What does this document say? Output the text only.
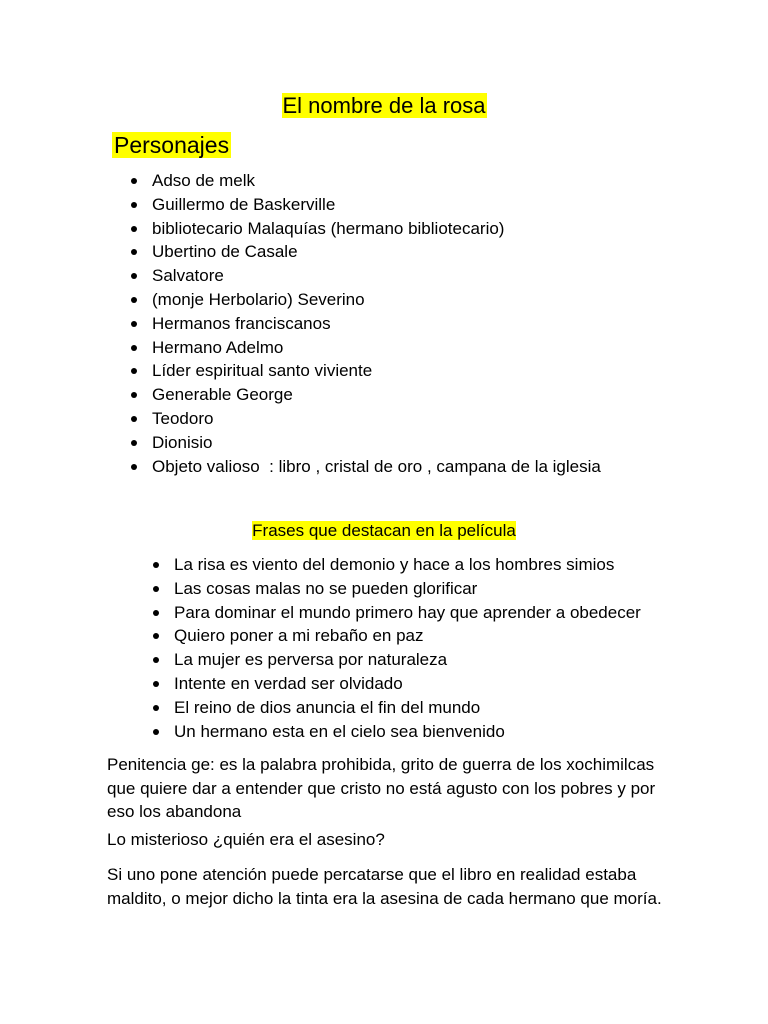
El nombre de la rosa
Personajes
Adso de melk
Guillermo de Baskerville
bibliotecario Malaquías (hermano bibliotecario)
Ubertino de Casale
Salvatore
(monje Herbolario) Severino
Hermanos franciscanos
Hermano Adelmo
Líder espiritual santo viviente
Generable George
Teodoro
Dionisio
Objeto valioso  : libro , cristal de oro , campana de la iglesia
Frases que destacan en la película
La risa es viento del demonio y hace a los hombres simios
Las cosas malas no se pueden glorificar
Para dominar el mundo primero hay que aprender a obedecer
Quiero poner a mi rebaño en paz
La mujer es perversa por naturaleza
Intente en verdad ser olvidado
El reino de dios anuncia el fin del mundo
Un hermano esta en el cielo sea bienvenido

Penitencia ge: es la palabra prohibida, grito de guerra de los xochimilcas que quiere dar a entender que cristo no está agusto con los pobres y por eso los abandona

Lo misterioso ¿quién era el asesino?

Si uno pone atención puede percatarse que el libro en realidad estaba maldito, o mejor dicho la tinta era la asesina de cada hermano que moría.
